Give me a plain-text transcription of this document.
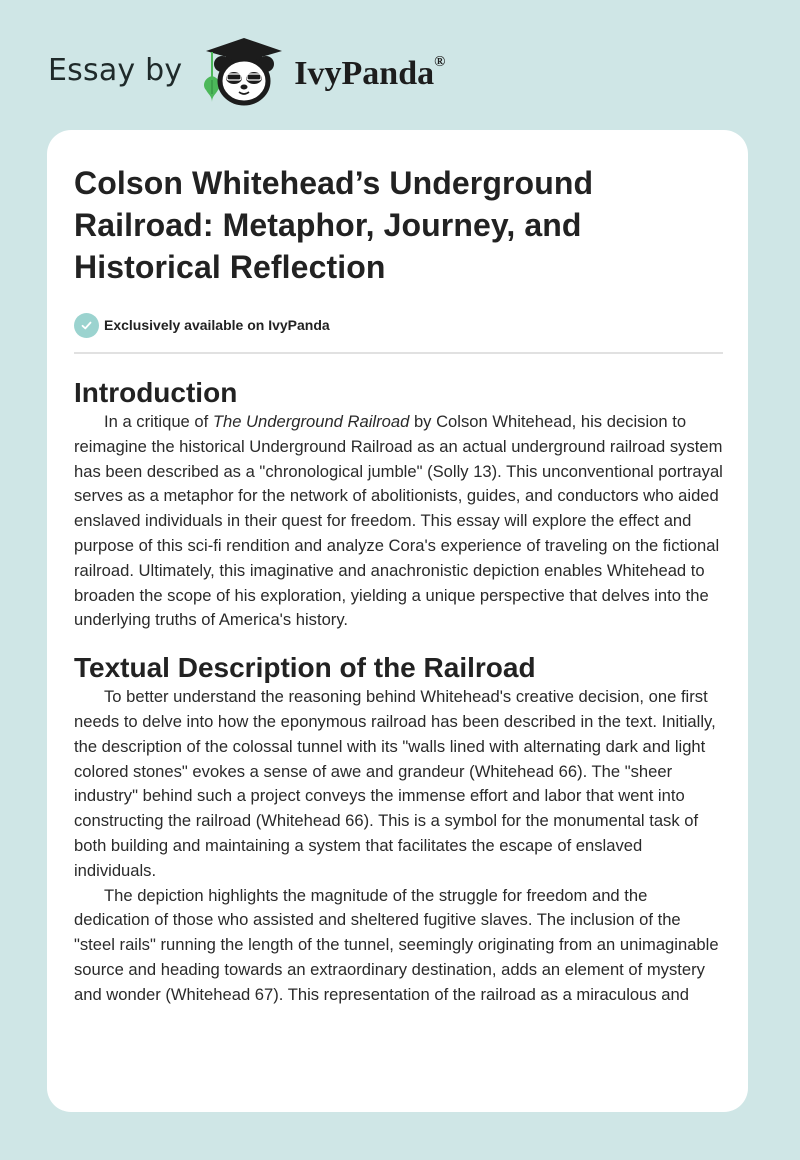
Essay by	IvyPanda®
Colson Whitehead’s Underground Railroad: Metaphor, Journey, and Historical Reflection
Exclusively available on IvyPanda
Introduction

In a critique of The Underground Railroad by Colson Whitehead, his decision to reimagine the historical Underground Railroad as an actual underground railroad system has been described as a "chronological jumble" (Solly 13). This unconventional portrayal serves as a metaphor for the network of abolitionists, guides, and conductors who aided enslaved individuals in their quest for freedom. This essay will explore the effect and purpose of this sci-fi rendition and analyze Cora's experience of traveling on the fictional railroad. Ultimately, this imaginative and anachronistic depiction enables Whitehead to broaden the scope of his exploration, yielding a unique perspective that delves into the underlying truths of America's history.

Textual Description of the Railroad

To better understand the reasoning behind Whitehead's creative decision, one first needs to delve into how the eponymous railroad has been described in the text. Initially, the description of the colossal tunnel with its "walls lined with alternating dark and light colored stones" evokes a sense of awe and grandeur (Whitehead 66). The "sheer industry" behind such a project conveys the immense effort and labor that went into constructing the railroad (Whitehead 66). This is a symbol for the monumental task of both building and maintaining a system that facilitates the escape of enslaved individuals.

The depiction highlights the magnitude of the struggle for freedom and the dedication of those who assisted and sheltered fugitive slaves. The inclusion of the "steel rails" running the length of the tunnel, seemingly originating from an unimaginable source and heading towards an extraordinary destination, adds an element of mystery and wonder (Whitehead 67). This representation of the railroad as a miraculous and
